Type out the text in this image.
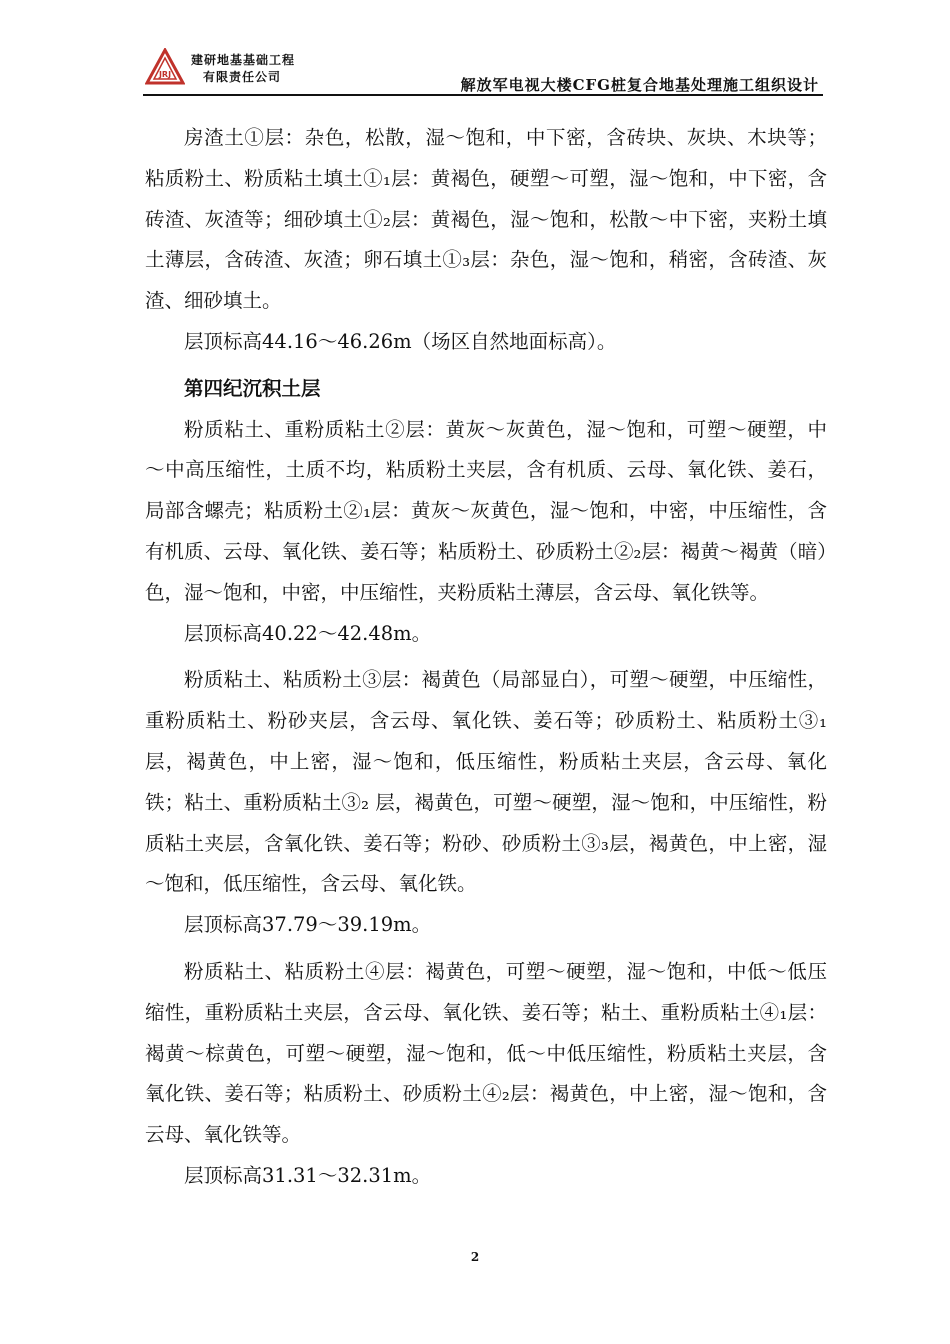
JRJ
建研地基基础工程
有限责任公司	解放军电视大楼CFG桩复合地基处理施工组织设计

房渣土①层：杂色，松散，湿～饱和，中下密，含砖块、灰块、木块等；粘质粉土、粉质粘土填土①₁层：黄褐色，硬塑～可塑，湿～饱和，中下密，含砖渣、灰渣等；细砂填土①₂层：黄褐色，湿～饱和，松散～中下密，夹粉土填土薄层，含砖渣、灰渣；卵石填土①₃层：杂色，湿～饱和，稍密，含砖渣、灰渣、细砂填土。

层顶标高44.16～46.26m（场区自然地面标高）。

第四纪沉积土层

粉质粘土、重粉质粘土②层：黄灰～灰黄色，湿～饱和，可塑～硬塑，中～中高压缩性，土质不均，粘质粉土夹层，含有机质、云母、氧化铁、姜石，局部含螺壳；粘质粉土②₁层：黄灰～灰黄色，湿～饱和，中密，中压缩性，含有机质、云母、氧化铁、姜石等；粘质粉土、砂质粉土②₂层：褐黄～褐黄（暗）色，湿～饱和，中密，中压缩性，夹粉质粘土薄层，含云母、氧化铁等。

层顶标高40.22～42.48m。

粉质粘土、粘质粉土③层：褐黄色（局部显白），可塑～硬塑，中压缩性，重粉质粘土、粉砂夹层，含云母、氧化铁、姜石等；砂质粉土、粘质粉土③₁层，褐黄色，中上密，湿～饱和，低压缩性，粉质粘土夹层，含云母、氧化铁；粘土、重粉质粘土③₂ 层，褐黄色，可塑～硬塑，湿～饱和，中压缩性，粉质粘土夹层，含氧化铁、姜石等；粉砂、砂质粉土③₃层，褐黄色，中上密，湿～饱和，低压缩性，含云母、氧化铁。

层顶标高37.79～39.19m。

粉质粘土、粘质粉土④层：褐黄色，可塑～硬塑，湿～饱和，中低～低压缩性，重粉质粘土夹层，含云母、氧化铁、姜石等；粘土、重粉质粘土④₁层：褐黄～棕黄色，可塑～硬塑，湿～饱和，低～中低压缩性，粉质粘土夹层，含氧化铁、姜石等；粘质粉土、砂质粉土④₂层：褐黄色，中上密，湿～饱和，含云母、氧化铁等。

层顶标高31.31～32.31m。

2
